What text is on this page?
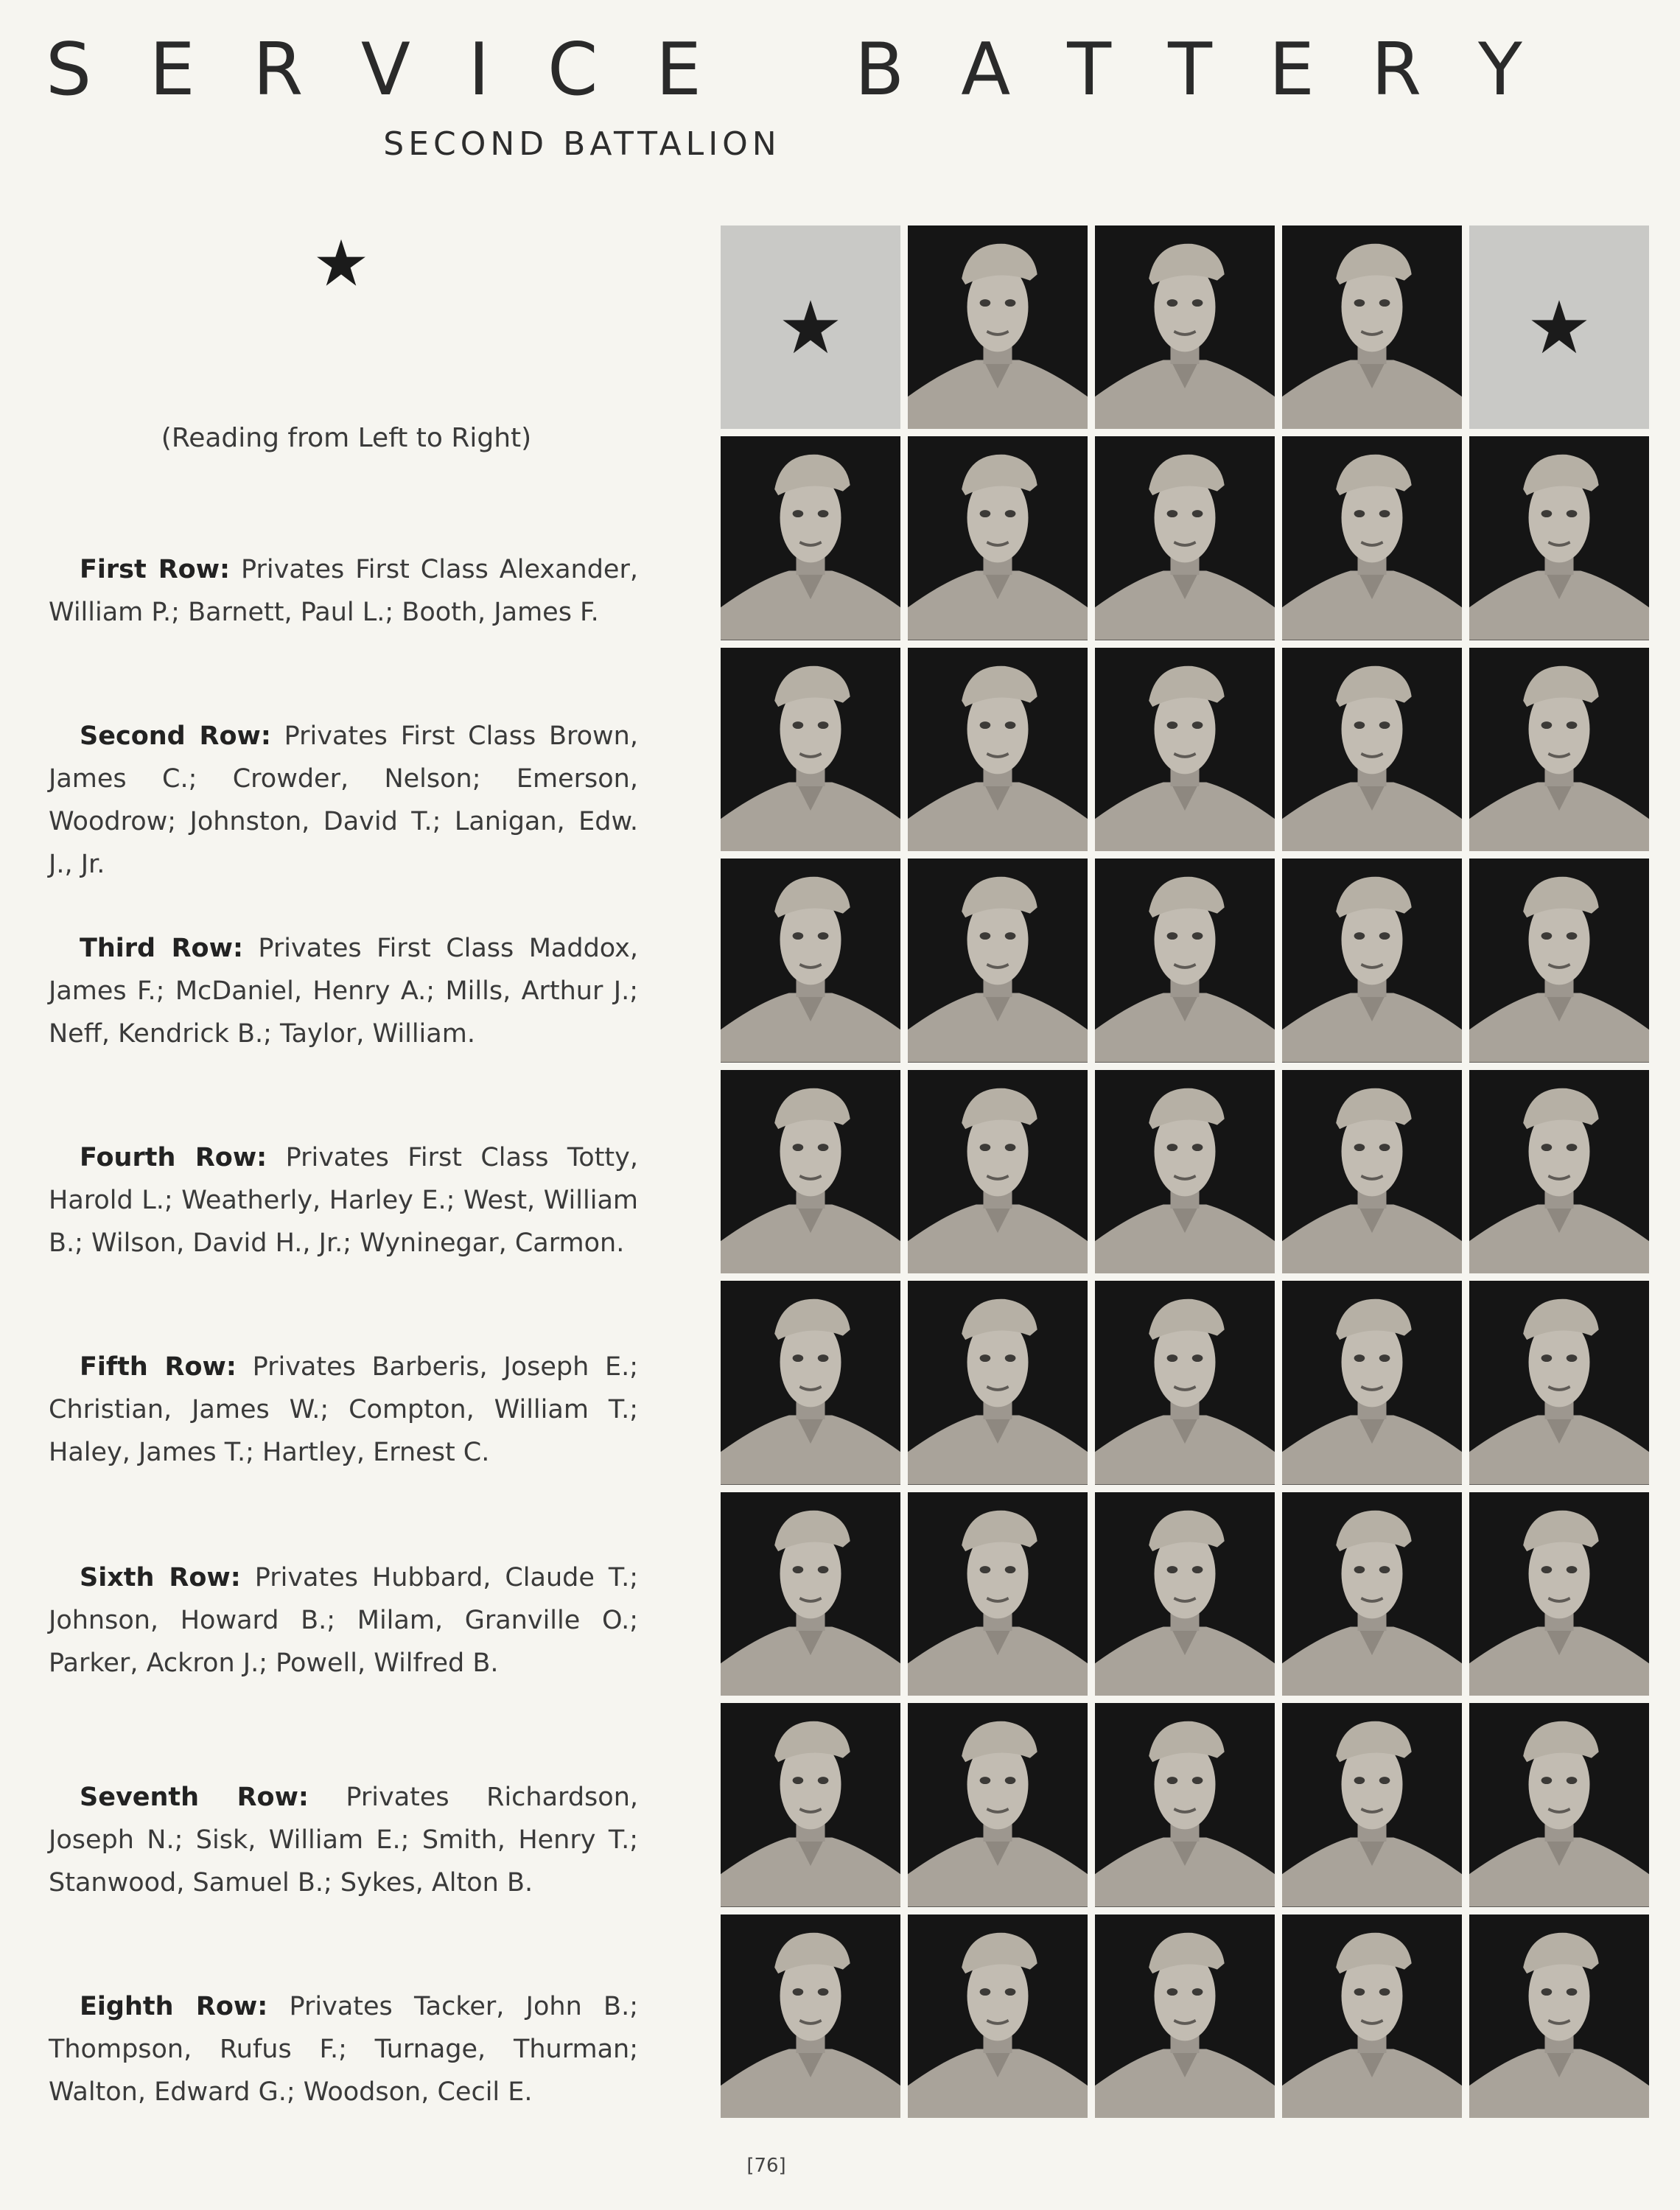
S E R V I C E B A T T E R Y
SECOND BATTALION
(Reading from Left to Right)

First Row: Privates First Class Alexander, William P.; Barnett, Paul L.; Booth, James F.

Second Row: Privates First Class Brown, James C.; Crowder, Nelson; Emerson, Woodrow; Johnston, David T.; Lanigan, Edw. J., Jr.

Third Row: Privates First Class Maddox, James F.; McDaniel, Henry A.; Mills, Arthur J.; Neff, Kendrick B.; Taylor, William.

Fourth Row: Privates First Class Totty, Harold L.; Weatherly, Harley E.; West, William B.; Wilson, David H., Jr.; Wyninegar, Carmon.

Fifth Row: Privates Barberis, Joseph E.; Christian, James W.; Compton, William T.; Haley, James T.; Hartley, Ernest C.

Sixth Row: Privates Hubbard, Claude T.; Johnson, Howard B.; Milam, Granville O.; Parker, Ackron J.; Powell, Wilfred B.

Seventh Row: Privates Richardson, Joseph N.; Sisk, William E.; Smith, Henry T.; Stanwood, Samuel B.; Sykes, Alton B.

Eighth Row: Privates Tacker, John B.; Thompson, Rufus F.; Turnage, Thurman; Walton, Edward G.; Woodson, Cecil E.

[76]
